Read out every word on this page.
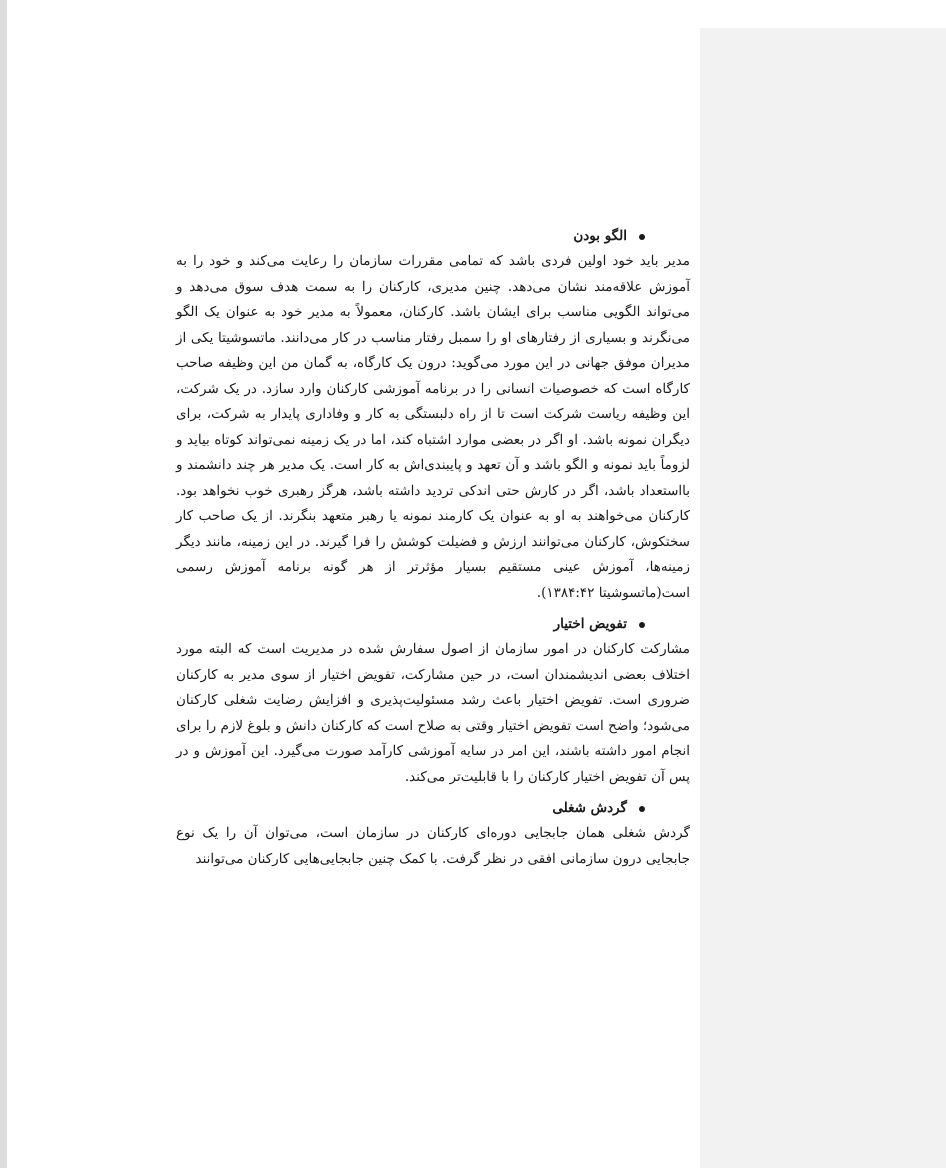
الگو بودن

مدیر باید خود اولین فردی باشد که تمامی مقررات سازمان را رعایت می‌کند و خود را به آموزش علاقه‌مند نشان می‌دهد. چنین مدیری، کارکنان را به سمت هدف سوق می‌دهد و می‌تواند الگویی مناسب برای ایشان باشد. کارکنان، معمولاً به مدیر خود به عنوان یک الگو می‌نگرند و بسیاری از رفتارهای او را سمبل رفتار مناسب در کار می‌دانند. ماتسوشیتا یکی از مدیران موفق جهانی در این مورد می‌گوید: درون یک کارگاه، به گمان من این وظیفه صاحب کارگاه است که خصوصیات انسانی را در برنامه آموزشی کارکنان وارد سازد. در یک شرکت، این وظیفه ریاست شرکت است تا از راه دلبستگی به کار و وفاداری پایدار به شرکت، برای دیگران نمونه باشد. او اگر در بعضی موارد اشتباه کند، اما در یک زمینه نمی‌تواند کوتاه بیاید و لزوماً باید نمونه و الگو باشد و آن تعهد و پایبندی‌اش به کار است. یک مدیر هر چند دانشمند و بااستعداد باشد، اگر در کارش حتی اندکی تردید داشته باشد، هرگز رهبری خوب نخواهد بود. کارکنان می‌خواهند به او به عنوان یک کارمند نمونه یا رهبر متعهد بنگرند. از یک صاحب کار سختکوش، کارکنان می‌توانند ارزش و فضیلت کوشش را فرا گیرند. در این زمینه، مانند دیگر زمینه‌ها، آموزش عینی مستقیم بسیار مؤثرتر از هر گونه برنامه آموزش رسمی است(ماتسوشیتا ۱۳۸۴:۴۲).

تفویض اختیار

مشارکت کارکنان در امور سازمان از اصول سفارش شده در مدیریت است که البته مورد اختلاف بعضی اندیشمندان است، در حین مشارکت، تفویض اختیار از سوی مدیر به کارکنان ضروری است. تفویض اختیار باعث رشد مسئولیت‌پذیری و افزایش رضایت شغلی کارکنان می‌شود؛ واضح است تفویض اختیار وقتی به صلاح است که کارکنان دانش و بلوغ لازم را برای انجام امور داشته باشند، این امر در سایه آموزشی کارآمد صورت می‌گیرد. این آموزش و در پس آن تفویض اختیار کارکنان را با قابلیت‌تر می‌کند.

گردش شغلی

گردش شغلی همان جابجایی دوره‌ای کارکنان در سازمان است، می‌توان آن را یک نوع جابجایی درون سازمانی افقی در نظر گرفت. با کمک چنین جابجایی‌هایی کارکنان می‌توانند
